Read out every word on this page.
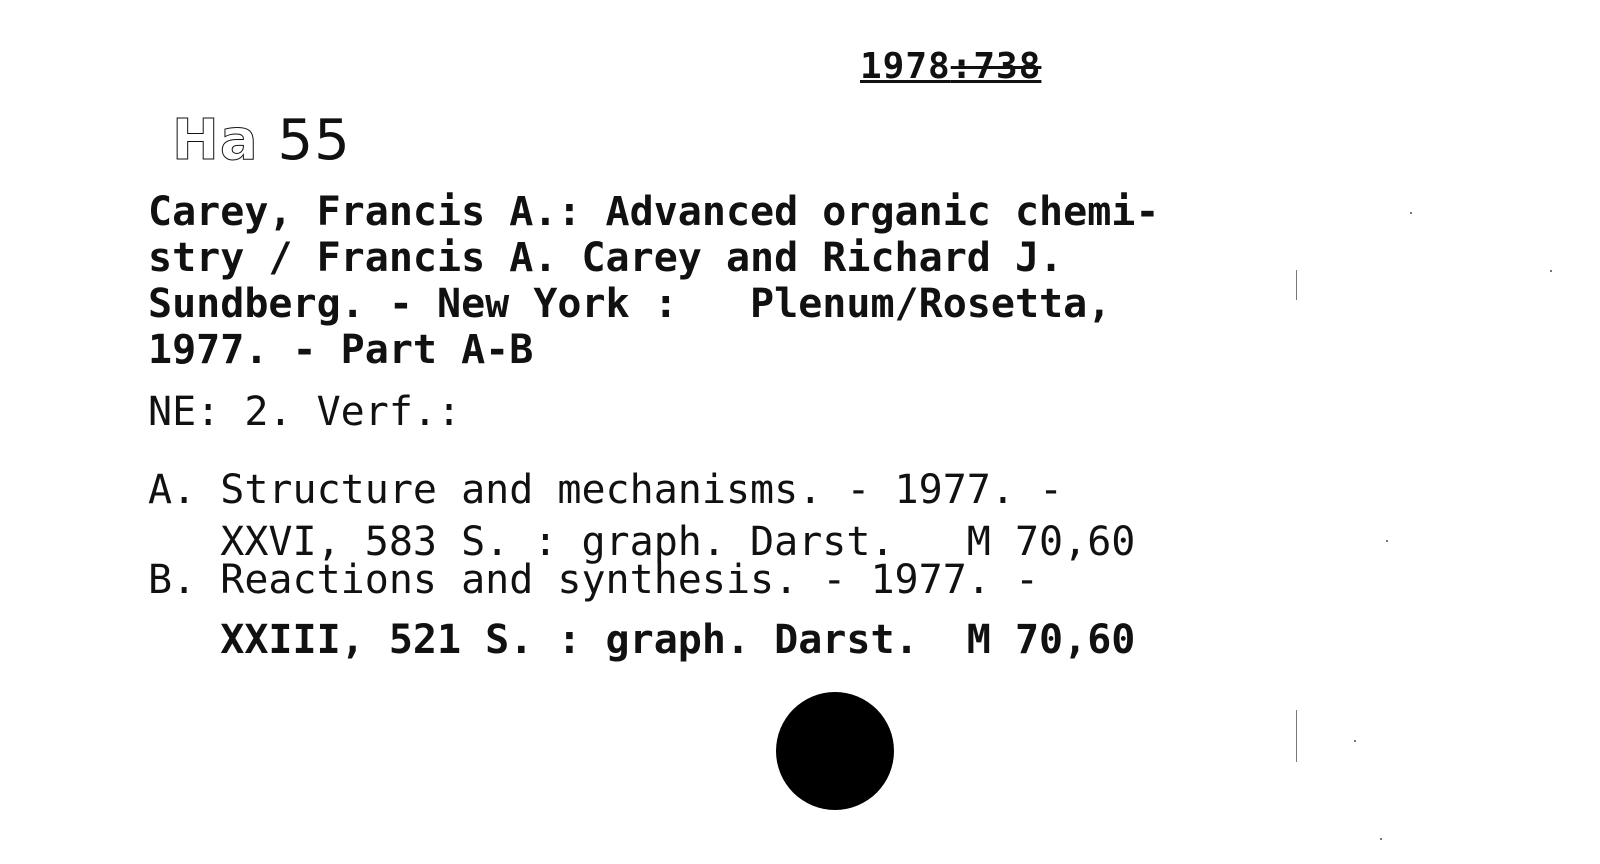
1978:738
Ha 55
Carey, Francis A.: Advanced organic chemi-
stry / Francis A. Carey and Richard J.
Sundberg. - New York :   Plenum/Rosetta,
1977. - Part A-B
NE: 2. Verf.:
A. Structure and mechanisms. - 1977. -
XXVI, 583 S. : graph. Darst.   M 70,60
B. Reactions and synthesis. - 1977. -
XXIII, 521 S. : graph. Darst.  M 70,60
